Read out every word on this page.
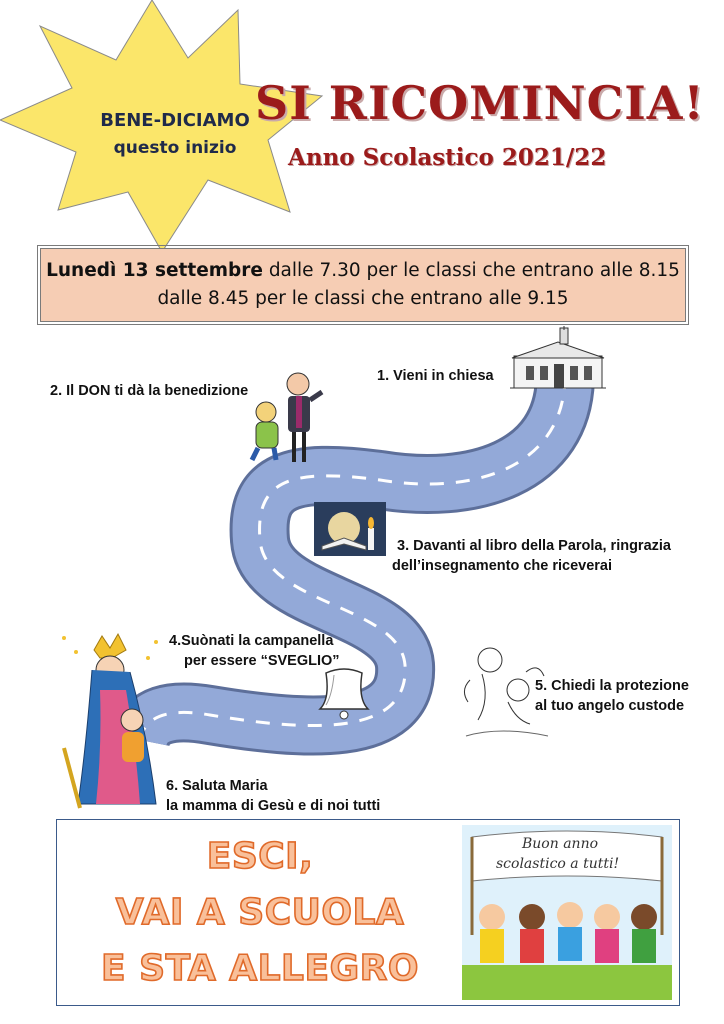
BENE-DICIAMO
questo inizio
SI RICOMINCIA!
Anno Scolastico 2021/22
Lunedì 13 settembre dalle 7.30 per le classi che entrano alle 8.15
dalle 8.45 per le classi che entrano alle 9.15
1. Vieni in chiesa
2. Il DON ti dà la benedizione
3. Davanti al libro della Parola, ringrazia
dell’insegnamento che riceverai
4.Suònati la campanella
per essere “SVEGLIO”
5. Chiedi la protezione
al tuo angelo custode
6. Saluta Maria
la mamma di Gesù e di noi tutti
ESCI,
VAI A SCUOLA
E STA ALLEGRO
Buon anno
scolastico a tutti!
